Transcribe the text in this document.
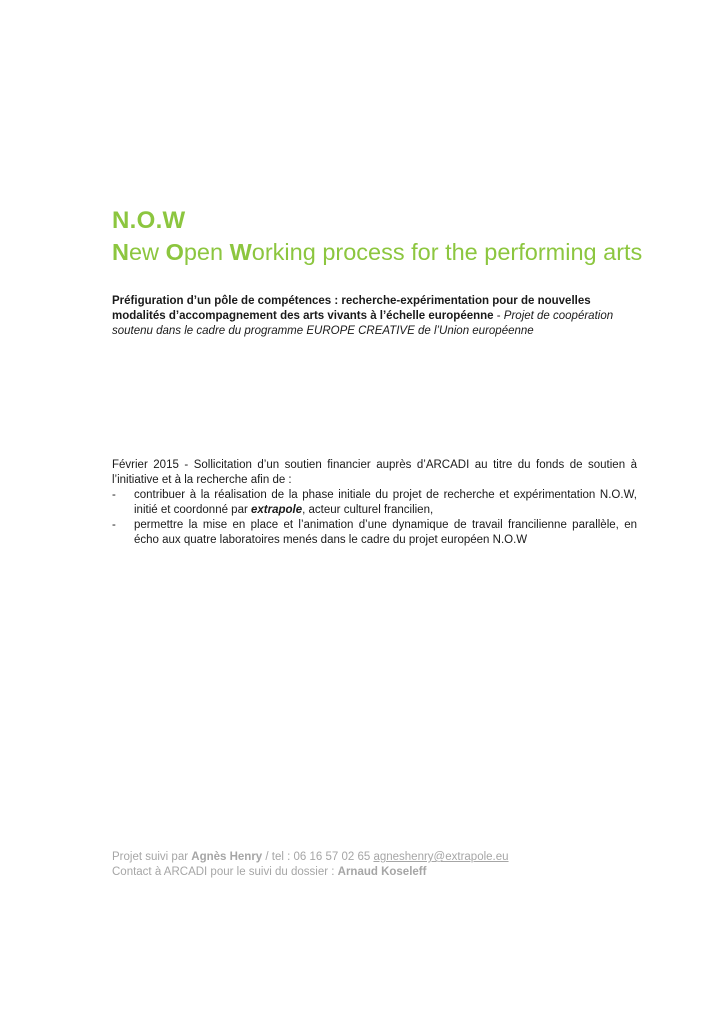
N.O.W
New Open Working process for the performing arts
Préfiguration d’un pôle de compétences : recherche-expérimentation pour de nouvelles modalités d’accompagnement des arts vivants à l’échelle européenne - Projet de coopération soutenu dans le cadre du programme EUROPE CREATIVE de l’Union européenne

Février 2015 - Sollicitation d’un soutien financier auprès d’ARCADI au titre du fonds de soutien à l’initiative et à la recherche afin de :

- contribuer à la réalisation de la phase initiale du projet de recherche et expérimentation N.O.W, initié et coordonné par extrapole, acteur culturel francilien,
- permettre la mise en place et l’animation d’une dynamique de travail francilienne parallèle, en écho aux quatre laboratoires menés dans le cadre du projet européen N.O.W
Projet suivi par Agnès Henry / tel : 06 16 57 02 65 agneshenry@extrapole.eu
Contact à ARCADI pour le suivi du dossier : Arnaud Koseleff
